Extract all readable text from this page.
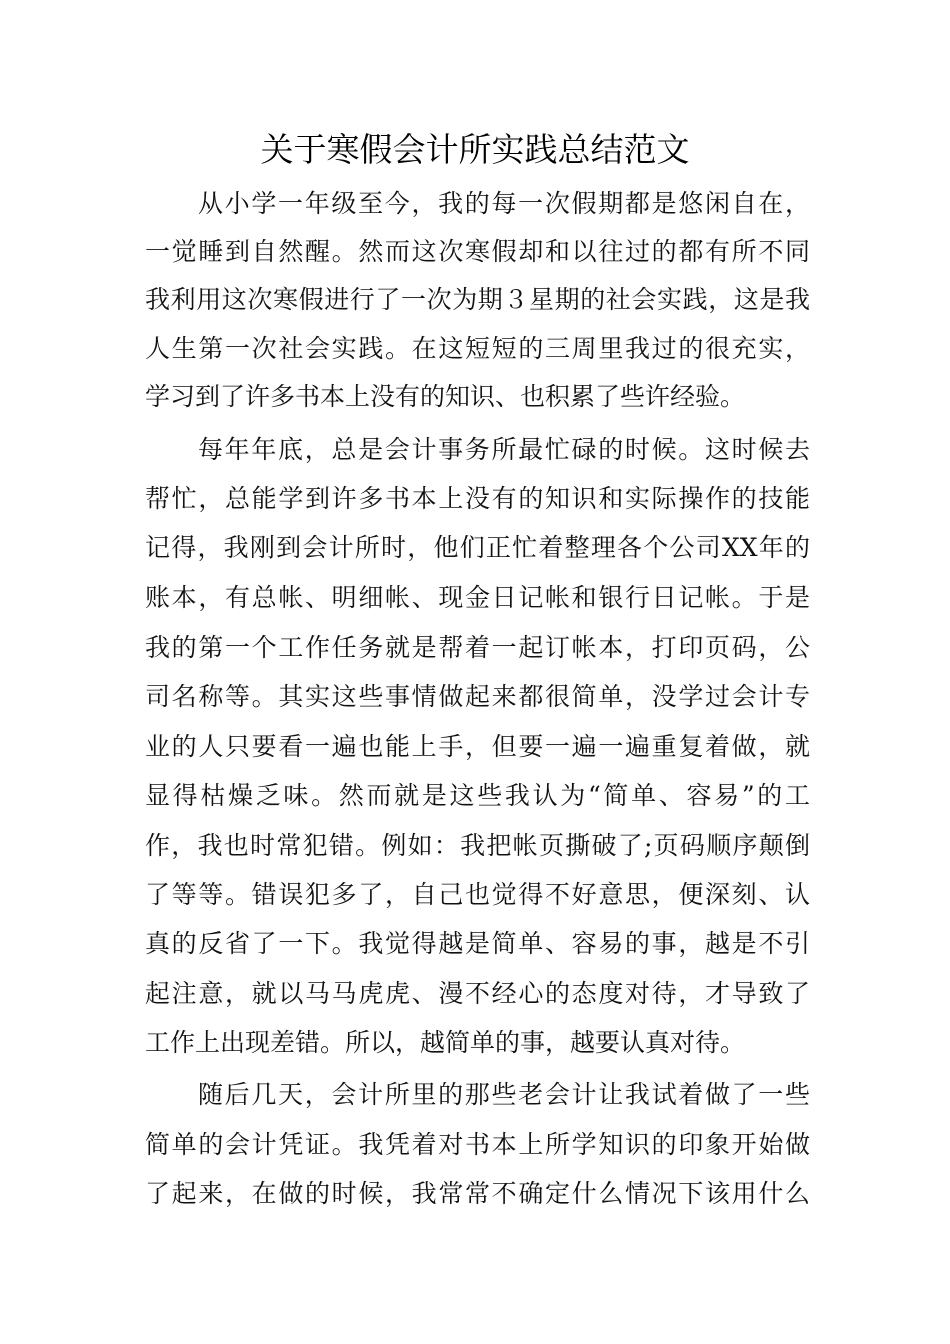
关于寒假会计所实践总结范文
从小学一年级至今，我的每一次假期都是悠闲自在，
一觉睡到自然醒。然而这次寒假却和以往过的都有所不同
我利用这次寒假进行了一次为期３星期的社会实践，这是我
人生第一次社会实践。在这短短的三周里我过的很充实，
学习到了许多书本上没有的知识、也积累了些许经验。
每年年底，总是会计事务所最忙碌的时候。这时候去
帮忙，总能学到许多书本上没有的知识和实际操作的技能
记得，我刚到会计所时，他们正忙着整理各个公司XX年的
账本，有总帐、明细帐、现金日记帐和银行日记帐。于是
我的第一个工作任务就是帮着一起订帐本，打印页码，公
司名称等。其实这些事情做起来都很简单，没学过会计专
业的人只要看一遍也能上手，但要一遍一遍重复着做，就
显得枯燥乏味。然而就是这些我认为“简单、容易”的工
作，我也时常犯错。例如：我把帐页撕破了;页码顺序颠倒
了等等。错误犯多了，自己也觉得不好意思，便深刻、认
真的反省了一下。我觉得越是简单、容易的事，越是不引
起注意，就以马马虎虎、漫不经心的态度对待，才导致了
工作上出现差错。所以，越简单的事，越要认真对待。
随后几天，会计所里的那些老会计让我试着做了一些
简单的会计凭证。我凭着对书本上所学知识的印象开始做
了起来，在做的时候，我常常不确定什么情况下该用什么
